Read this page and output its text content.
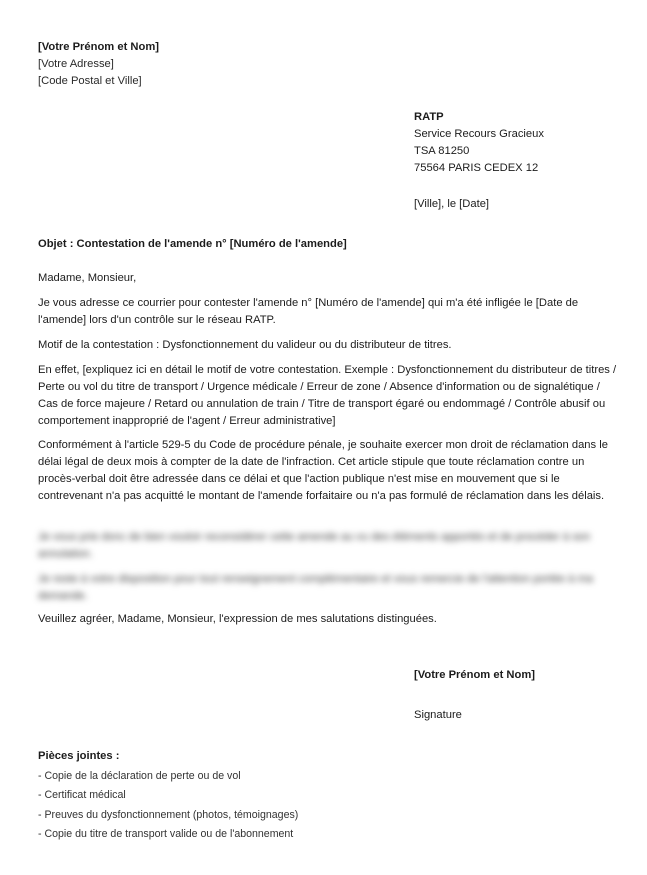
[Votre Prénom et Nom]
[Votre Adresse]
[Code Postal et Ville]
RATP
Service Recours Gracieux
TSA 81250
75564 PARIS CEDEX 12
[Ville], le [Date]
Objet : Contestation de l'amende n° [Numéro de l'amende]

Madame, Monsieur,

Je vous adresse ce courrier pour contester l'amende n° [Numéro de l'amende] qui m'a été infligée le [Date de l'amende] lors d'un contrôle sur le réseau RATP.

Motif de la contestation : Dysfonctionnement du valideur ou du distributeur de titres.

En effet, [expliquez ici en détail le motif de votre contestation. Exemple : Dysfonctionnement du distributeur de titres / Perte ou vol du titre de transport / Urgence médicale / Erreur de zone / Absence d'information ou de signalétique / Cas de force majeure / Retard ou annulation de train / Titre de transport égaré ou endommagé / Contrôle abusif ou comportement inapproprié de l'agent / Erreur administrative]

Conformément à l'article 529-5 du Code de procédure pénale, je souhaite exercer mon droit de réclamation dans le délai légal de deux mois à compter de la date de l'infraction. Cet article stipule que toute réclamation contre un procès-verbal doit être adressée dans ce délai et que l'action publique n'est mise en mouvement que si le contrevenant n'a pas acquitté le montant de l'amende forfaitaire ou n'a pas formulé de réclamation dans les délais.

Je vous prie donc de bien vouloir reconsidérer cette amende au vu des éléments apportés et de procéder à son annulation.

Je reste à votre disposition pour tout renseignement complémentaire et vous remercie de l'attention portée à ma demande.

Veuillez agréer, Madame, Monsieur, l'expression de mes salutations distinguées.

[Votre Prénom et Nom]
Signature
Pièces jointes :
- Copie de la déclaration de perte ou de vol
- Certificat médical
- Preuves du dysfonctionnement (photos, témoignages)
- Copie du titre de transport valide ou de l'abonnement
